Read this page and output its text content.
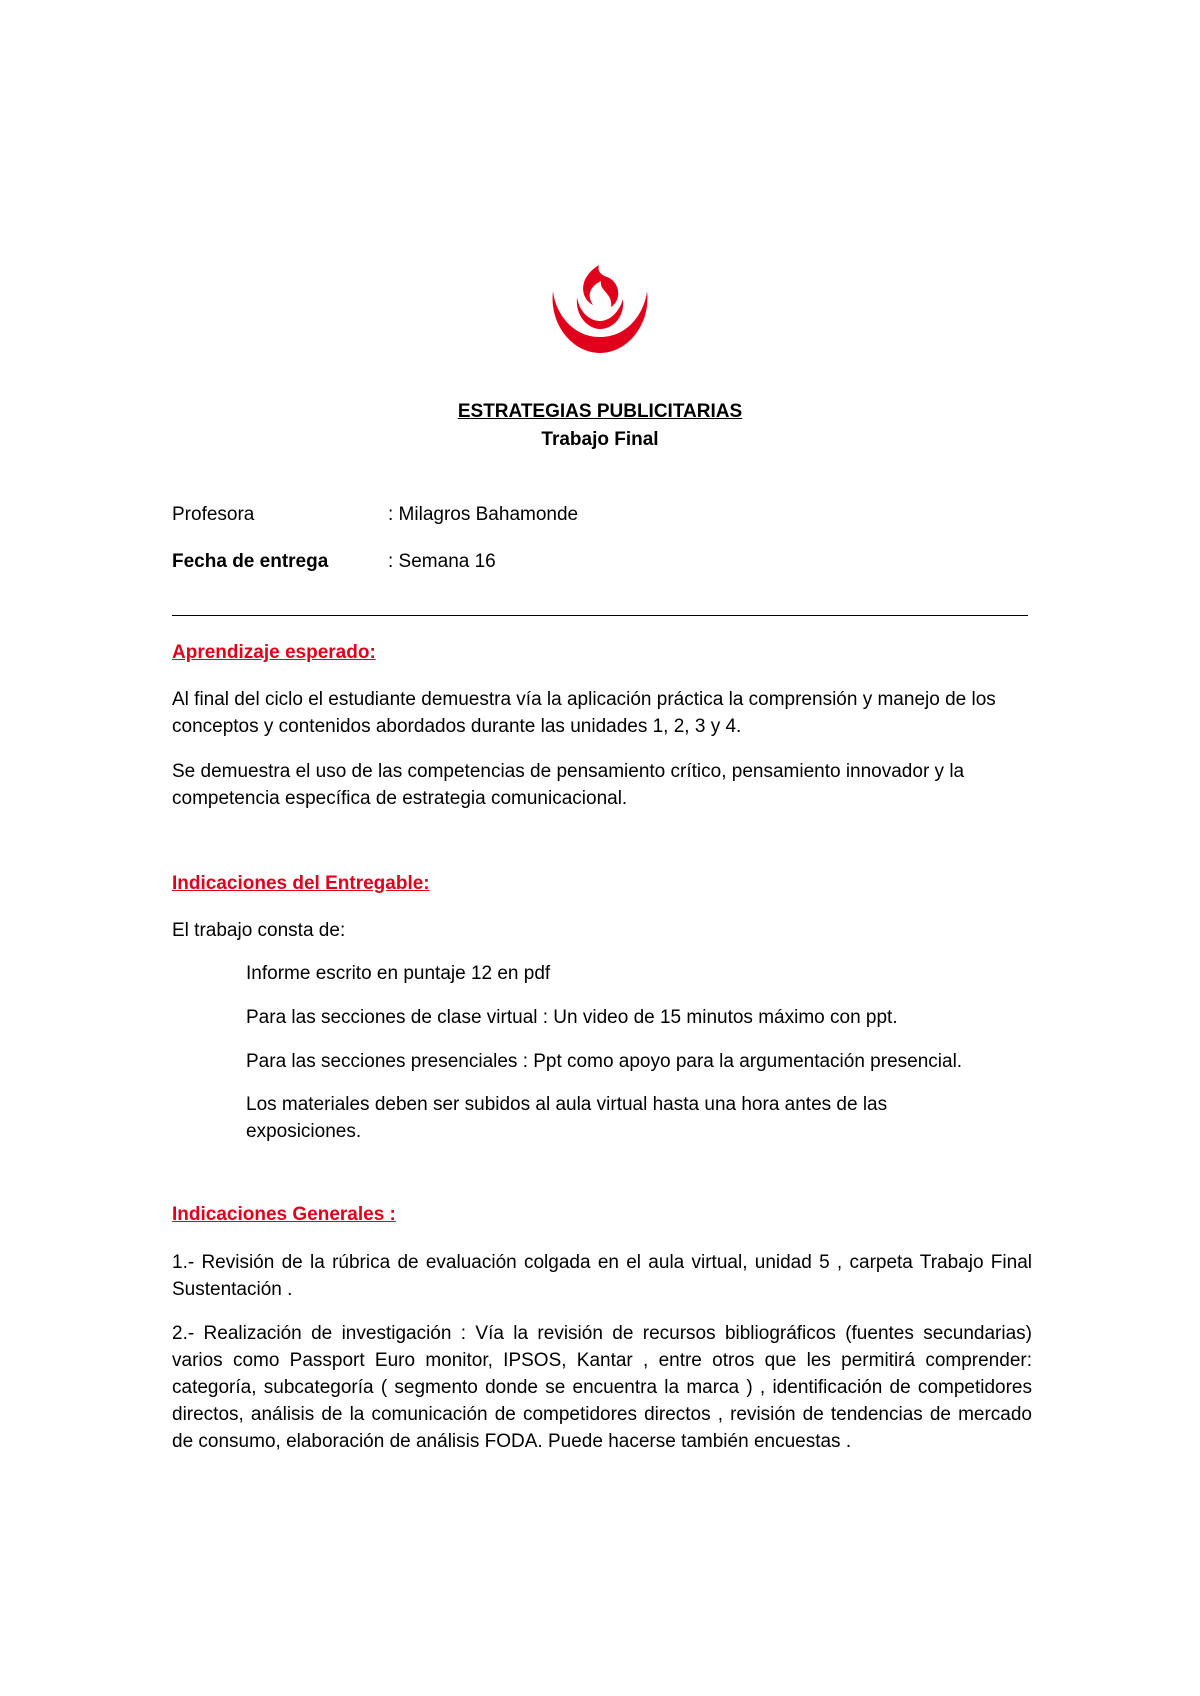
ESTRATEGIAS PUBLICITARIAS
Trabajo Final
Profesora	: Milagros Bahamonde
Fecha de entrega	: Semana 16
Aprendizaje esperado:
Al final del ciclo el estudiante demuestra vía la aplicación práctica la comprensión y manejo de los conceptos y contenidos abordados durante las unidades 1, 2, 3 y 4.
Se demuestra el uso de las competencias de pensamiento crítico, pensamiento innovador y la competencia específica de estrategia comunicacional.
Indicaciones del Entregable:
El trabajo consta de:
Informe escrito en puntaje 12 en pdf
Para las secciones de clase virtual : Un video de 15 minutos máximo con ppt.
Para las secciones presenciales : Ppt como apoyo para la argumentación presencial.
Los materiales deben ser subidos al aula virtual hasta una hora antes de las exposiciones.
Indicaciones Generales :
1.- Revisión de la rúbrica de evaluación colgada en el aula virtual, unidad 5 , carpeta Trabajo Final Sustentación .
2.- Realización de investigación : Vía la revisión de recursos bibliográficos (fuentes secundarias) varios como Passport Euro monitor, IPSOS, Kantar , entre otros que les permitirá comprender: categoría, subcategoría ( segmento donde se encuentra la marca ) , identificación de competidores directos, análisis de la comunicación de competidores directos , revisión de tendencias de mercado de consumo, elaboración de análisis FODA. Puede hacerse también encuestas .
